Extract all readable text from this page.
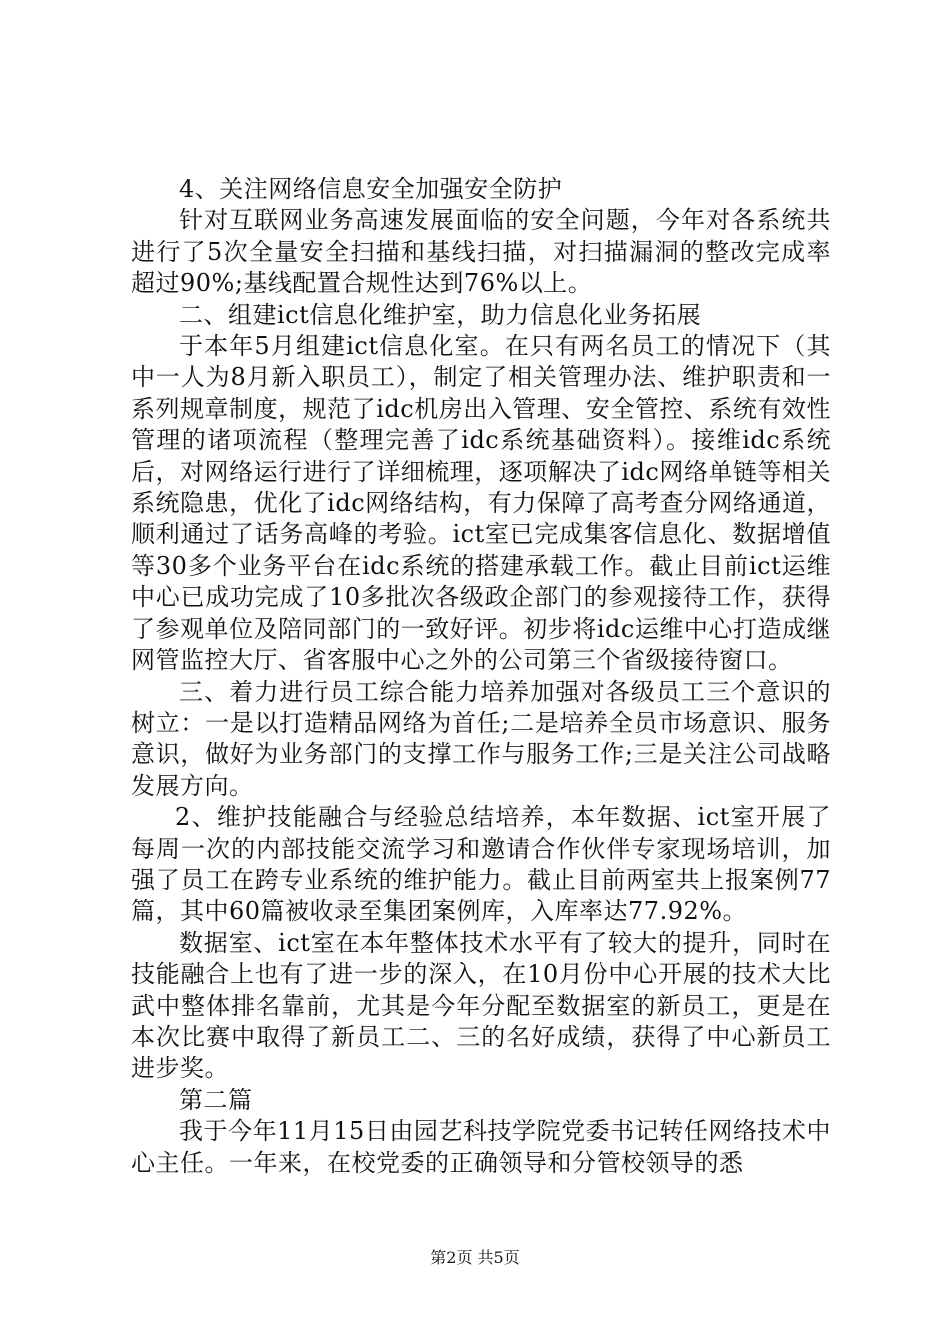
4、关注网络信息安全加强安全防护

针对互联网业务高速发展面临的安全问题，今年对各系统共进行了5次全量安全扫描和基线扫描，对扫描漏洞的整改完成率超过90%;基线配置合规性达到76%以上。

二、组建ict信息化维护室，助力信息化业务拓展

于本年5月组建ict信息化室。在只有两名员工的情况下（其中一人为8月新入职员工），制定了相关管理办法、维护职责和一系列规章制度，规范了idc机房出入管理、安全管控、系统有效性管理的诸项流程（整理完善了idc系统基础资料）。接维idc系统后，对网络运行进行了详细梳理，逐项解决了idc网络单链等相关系统隐患，优化了idc网络结构，有力保障了高考查分网络通道，顺利通过了话务高峰的考验。ict室已完成集客信息化、数据增值等30多个业务平台在idc系统的搭建承载工作。截止目前ict运维中心已成功完成了10多批次各级政企部门的参观接待工作，获得了参观单位及陪同部门的一致好评。初步将idc运维中心打造成继网管监控大厅、省客服中心之外的公司第三个省级接待窗口。

三、着力进行员工综合能力培养加强对各级员工三个意识的树立：一是以打造精品网络为首任;二是培养全员市场意识、服务意识，做好为业务部门的支撑工作与服务工作;三是关注公司战略发展方向。

2、维护技能融合与经验总结培养，本年数据、ict室开展了每周一次的内部技能交流学习和邀请合作伙伴专家现场培训，加强了员工在跨专业系统的维护能力。截止目前两室共上报案例77篇，其中60篇被收录至集团案例库，入库率达77.92%。

数据室、ict室在本年整体技术水平有了较大的提升，同时在技能融合上也有了进一步的深入，在10月份中心开展的技术大比武中整体排名靠前，尤其是今年分配至数据室的新员工，更是在本次比赛中取得了新员工二、三的名好成绩，获得了中心新员工进步奖。

第二篇

我于今年11月15日由园艺科技学院党委书记转任网络技术中心主任。一年来，在校党委的正确领导和分管校领导的悉

第2页 共5页
